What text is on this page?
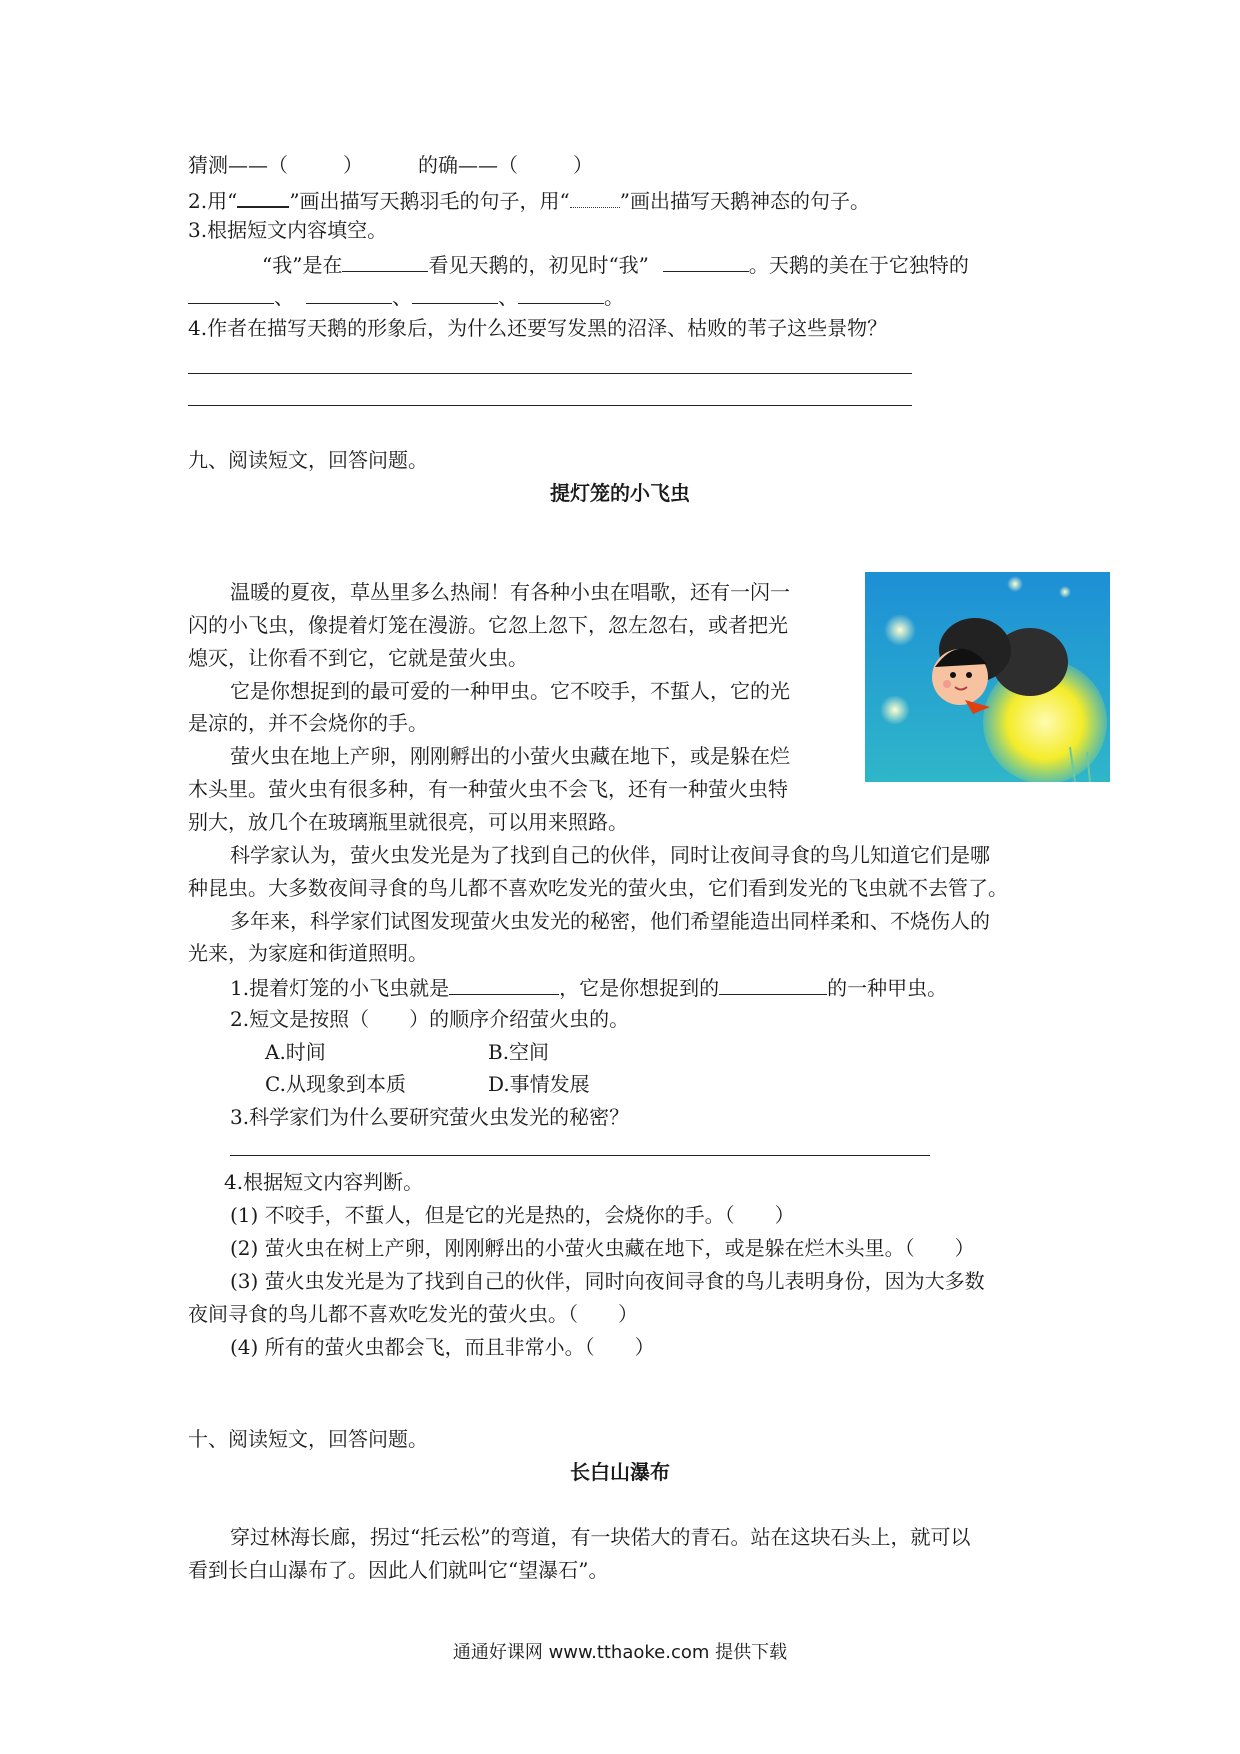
猜测——（	）	的确——（	）
2.用“	”画出描写天鹅羽毛的句子，用“	”画出描写天鹅神态的句子。
3.根据短文内容填空。
“我”是在	看见天鹅的，初见时“我”	。天鹅的美在于它独特的
、	、	、	。
4.作者在描写天鹅的形象后，为什么还要写发黑的沼泽、枯败的苇子这些景物？
九、阅读短文，回答问题。
提灯笼的小飞虫
温暖的夏夜，草丛里多么热闹！有各种小虫在唱歌，还有一闪一
闪的小飞虫，像提着灯笼在漫游。它忽上忽下，忽左忽右，或者把光
熄灭，让你看不到它，它就是萤火虫。
它是你想捉到的最可爱的一种甲虫。它不咬手，不蜇人，它的光
是凉的，并不会烧你的手。
萤火虫在地上产卵，刚刚孵出的小萤火虫藏在地下，或是躲在烂
木头里。萤火虫有很多种，有一种萤火虫不会飞，还有一种萤火虫特
别大，放几个在玻璃瓶里就很亮，可以用来照路。
科学家认为，萤火虫发光是为了找到自己的伙伴，同时让夜间寻食的鸟儿知道它们是哪
种昆虫。大多数夜间寻食的鸟儿都不喜欢吃发光的萤火虫，它们看到发光的飞虫就不去管了。
多年来，科学家们试图发现萤火虫发光的秘密，他们希望能造出同样柔和、不烧伤人的
光来，为家庭和街道照明。
1.提着灯笼的小飞虫就是	，它是你想捉到的	的一种甲虫。
2.短文是按照（　　）的顺序介绍萤火虫的。
A.时间	B.空间
C.从现象到本质	D.事情发展
3.科学家们为什么要研究萤火虫发光的秘密？
4.根据短文内容判断。
(1) 不咬手，不蜇人，但是它的光是热的，会烧你的手。（　　）
(2) 萤火虫在树上产卵，刚刚孵出的小萤火虫藏在地下，或是躲在烂木头里。（　　）
(3) 萤火虫发光是为了找到自己的伙伴，同时向夜间寻食的鸟儿表明身份，因为大多数
夜间寻食的鸟儿都不喜欢吃发光的萤火虫。（　　）
(4) 所有的萤火虫都会飞，而且非常小。（　　）
十、阅读短文，回答问题。
长白山瀑布
穿过林海长廊，拐过“托云松”的弯道，有一块偌大的青石。站在这块石头上，就可以
看到长白山瀑布了。因此人们就叫它“望瀑石”。
通通好课网 www.tthaoke.com 提供下载
